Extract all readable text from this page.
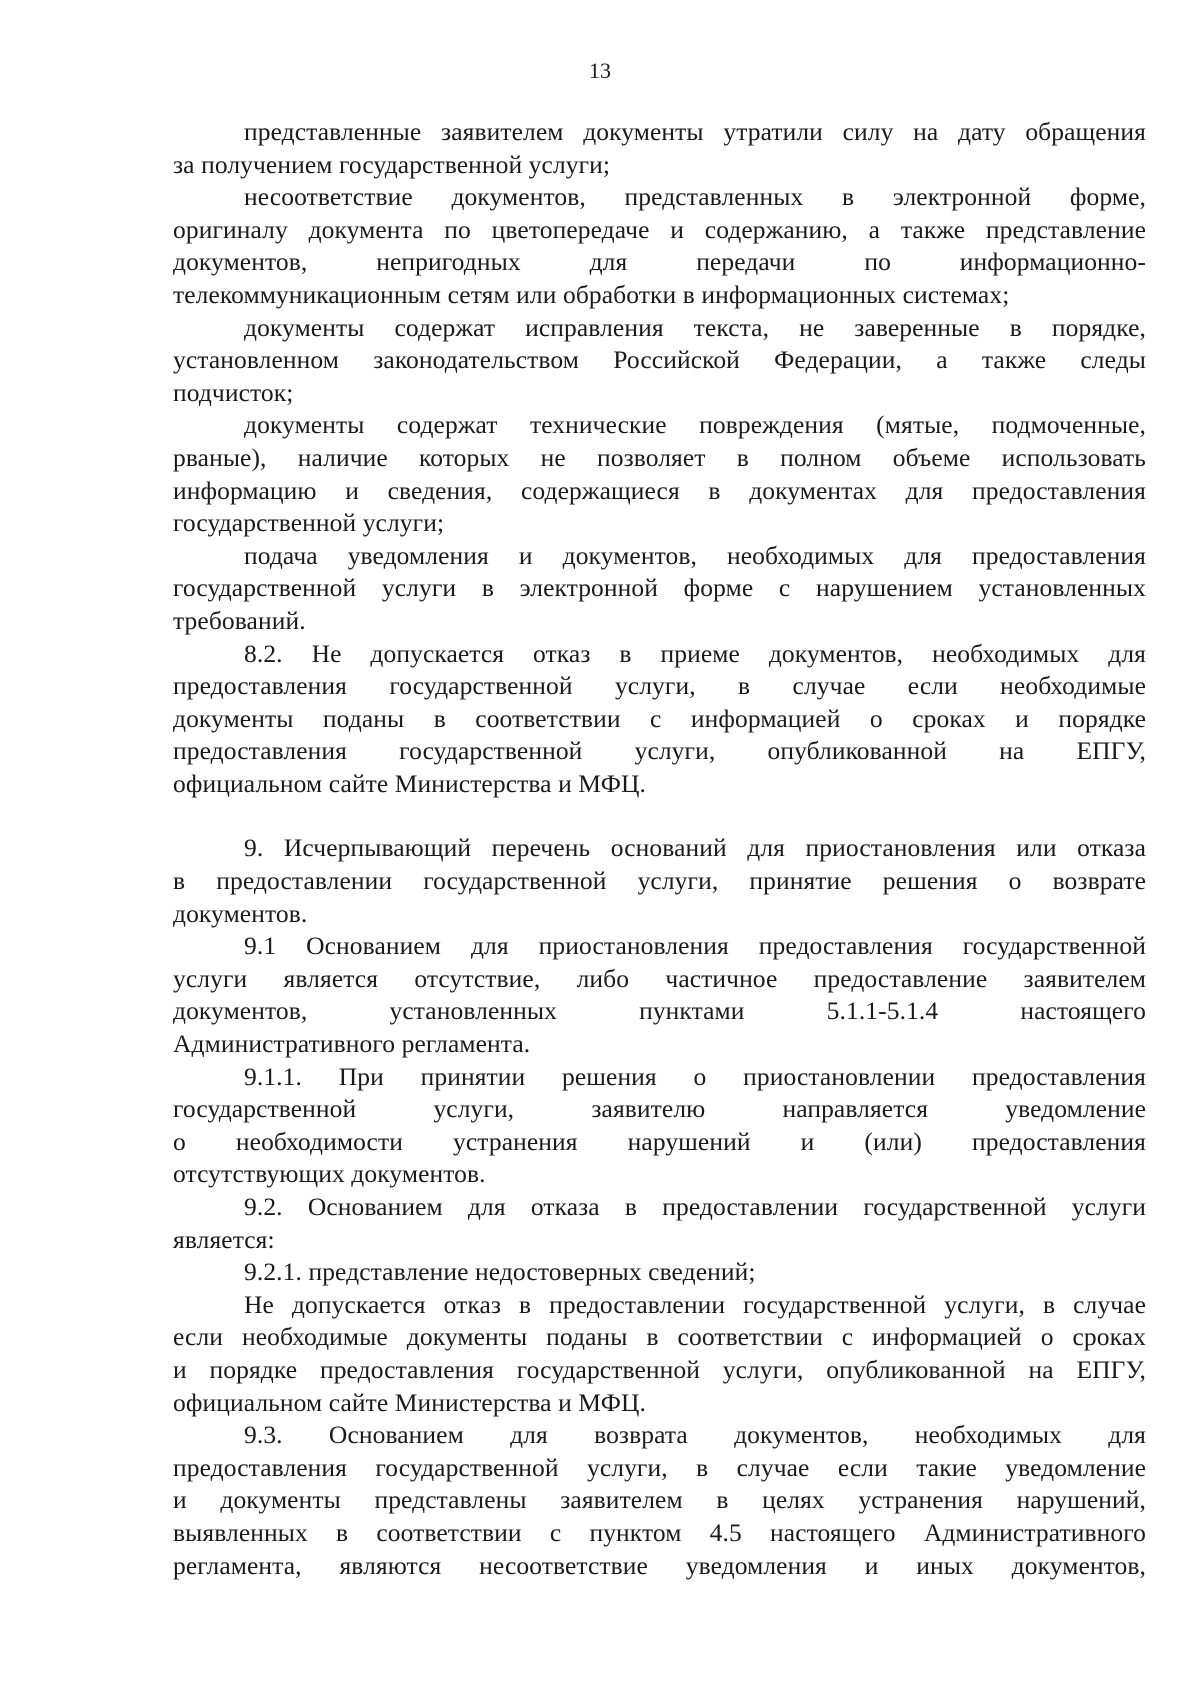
13
представленные заявителем документы утратили силу на дату обращения
за получением государственной услуги;
несоответствие документов, представленных в электронной форме,
оригиналу документа по цветопередаче и содержанию, а также представление
документов, непригодных для передачи по информационно-
телекоммуникационным сетям или обработки в информационных системах;
документы содержат исправления текста, не заверенные в порядке,
установленном законодательством Российской Федерации, а также следы
подчисток;
документы содержат технические повреждения (мятые, подмоченные,
рваные), наличие которых не позволяет в полном объеме использовать
информацию и сведения, содержащиеся в документах для предоставления
государственной услуги;
подача уведомления и документов, необходимых для предоставления
государственной услуги в электронной форме с нарушением установленных
требований.
8.2. Не допускается отказ в приеме документов, необходимых для
предоставления государственной услуги, в случае если необходимые
документы поданы в соответствии с информацией о сроках и порядке
предоставления государственной услуги, опубликованной на ЕПГУ,
официальном сайте Министерства и МФЦ.
9. Исчерпывающий перечень оснований для приостановления или отказа
в предоставлении государственной услуги, принятие решения о возврате
документов.
9.1 Основанием для приостановления предоставления государственной
услуги является отсутствие, либо частичное предоставление заявителем
документов, установленных пунктами 5.1.1-5.1.4 настоящего
Административного регламента.
9.1.1. При принятии решения о приостановлении предоставления
государственной услуги, заявителю направляется уведомление
о необходимости устранения нарушений и (или) предоставления
отсутствующих документов.
9.2. Основанием для отказа в предоставлении государственной услуги
является:
9.2.1. представление недостоверных сведений;
Не допускается отказ в предоставлении государственной услуги, в случае
если необходимые документы поданы в соответствии с информацией о сроках
и порядке предоставления государственной услуги, опубликованной на ЕПГУ,
официальном сайте Министерства и МФЦ.
9.3. Основанием для возврата документов, необходимых для
предоставления государственной услуги, в случае если такие уведомление
и документы представлены заявителем в целях устранения нарушений,
выявленных в соответствии с пунктом 4.5 настоящего Административного
регламента, являются несоответствие уведомления и иных документов,
